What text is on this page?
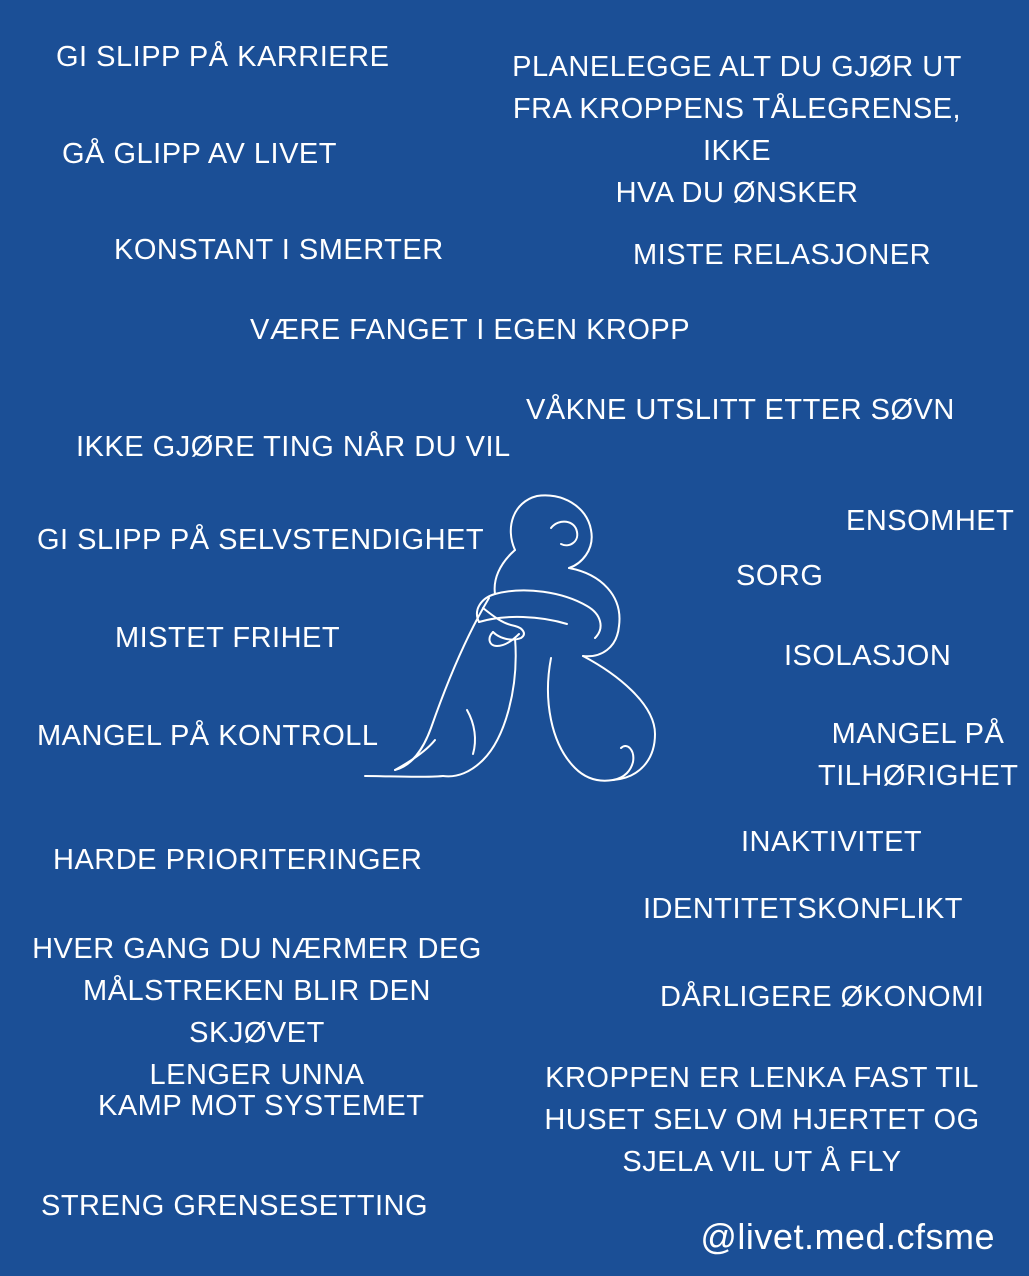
GI SLIPP PÅ KARRIERE	PLANELEGGE ALT DU GJØR UT
FRA KROPPENS TÅLEGRENSE, IKKE
HVA DU ØNSKER
GÅ GLIPP AV LIVET
KONSTANT I SMERTER	MISTE RELASJONER
VÆRE FANGET I EGEN KROPP
VÅKNE UTSLITT ETTER SØVN
IKKE GJØRE TING NÅR DU VIL
ENSOMHET
GI SLIPP PÅ SELVSTENDIGHET
SORG
MISTET FRIHET
ISOLASJON
MANGEL PÅ KONTROLL	MANGEL PÅ
TILHØRIGHET
INAKTIVITET
HARDE PRIORITERINGER
IDENTITETSKONFLIKT
HVER GANG DU NÆRMER DEG
MÅLSTREKEN BLIR DEN SKJØVET
LENGER UNNA
DÅRLIGERE ØKONOMI
KAMP MOT SYSTEMET
KROPPEN ER LENKA FAST TIL
HUSET SELV OM HJERTET OG
SJELA VIL UT Å FLY
STRENG GRENSESETTING
@livet.med.cfsme
